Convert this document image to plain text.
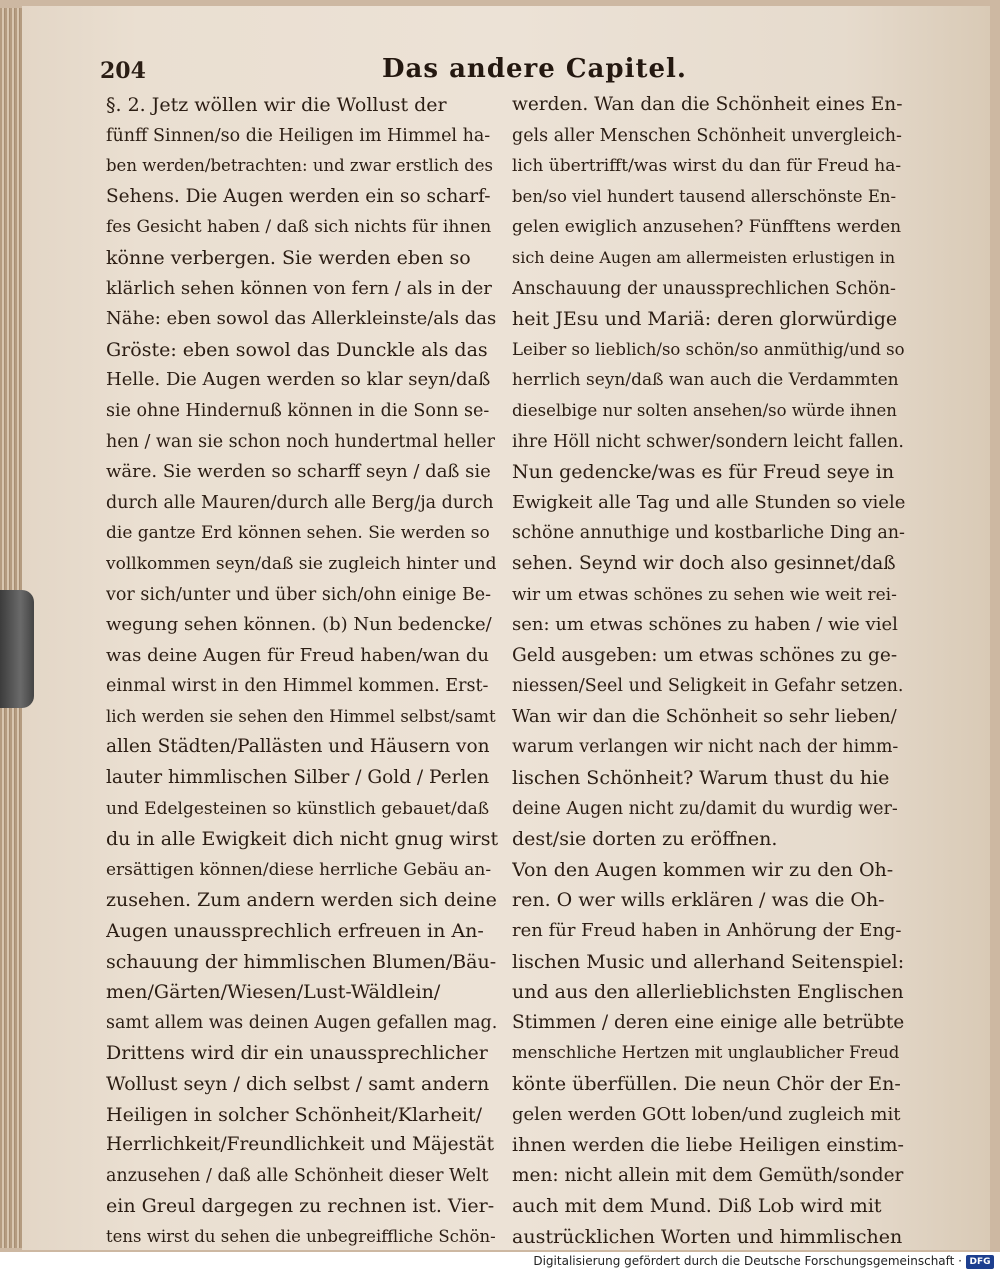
204	Das andere Capitel.
§. 2. Jetz wöllen wir die Wollust der
fünff Sinnen/so die Heiligen im Himmel ha-
ben werden/betrachten: und zwar erstlich des
Sehens. Die Augen werden ein so scharf-
fes Gesicht haben / daß sich nichts für ihnen
könne verbergen. Sie werden eben so
klärlich sehen können von fern / als in der
Nähe: eben sowol das Allerkleinste/als das
Gröste: eben sowol das Dunckle als das
Helle. Die Augen werden so klar seyn/daß
sie ohne Hindernuß können in die Sonn se-
hen / wan sie schon noch hundertmal heller
wäre. Sie werden so scharff seyn / daß sie
durch alle Mauren/durch alle Berg/ja durch
die gantze Erd können sehen. Sie werden so
vollkommen seyn/daß sie zugleich hinter und
vor sich/unter und über sich/ohn einige Be-
wegung sehen können. (b) Nun bedencke/
was deine Augen für Freud haben/wan du
einmal wirst in den Himmel kommen. Erst-
lich werden sie sehen den Himmel selbst/samt
allen Städten/Pallästen und Häusern von
lauter himmlischen Silber / Gold / Perlen
und Edelgesteinen so künstlich gebauet/daß
du in alle Ewigkeit dich nicht gnug wirst
ersättigen können/diese herrliche Gebäu an-
zusehen. Zum andern werden sich deine
Augen unaussprechlich erfreuen in An-
schauung der himmlischen Blumen/Bäu-
men/Gärten/Wiesen/Lust-Wäldlein/
samt allem was deinen Augen gefallen mag.
Drittens wird dir ein unaussprechlicher
Wollust seyn / dich selbst / samt andern
Heiligen in solcher Schönheit/Klarheit/
Herrlichkeit/Freundlichkeit und Mäjestät
anzusehen / daß alle Schönheit dieser Welt
ein Greul dargegen zu rechnen ist. Vier-
tens wirst du sehen die unbegreiffliche Schön-
werden. Wan dan die Schönheit eines En-
gels aller Menschen Schönheit unvergleich-
lich übertrifft/was wirst du dan für Freud ha-
ben/so viel hundert tausend allerschönste En-
gelen ewiglich anzusehen? Fünfftens werden
sich deine Augen am allermeisten erlustigen in
Anschauung der unaussprechlichen Schön-
heit JEsu und Mariä: deren glorwürdige
Leiber so lieblich/so schön/so anmüthig/und so
herrlich seyn/daß wan auch die Verdammten
dieselbige nur solten ansehen/so würde ihnen
ihre Höll nicht schwer/sondern leicht fallen.
Nun gedencke/was es für Freud seye in
Ewigkeit alle Tag und alle Stunden so viele
schöne annuthige und kostbarliche Ding an-
sehen. Seynd wir doch also gesinnet/daß
wir um etwas schönes zu sehen wie weit rei-
sen: um etwas schönes zu haben / wie viel
Geld ausgeben: um etwas schönes zu ge-
niessen/Seel und Seligkeit in Gefahr setzen.
Wan wir dan die Schönheit so sehr lieben/
warum verlangen wir nicht nach der himm-
lischen Schönheit? Warum thust du hie
deine Augen nicht zu/damit du wurdig wer-
dest/sie dorten zu eröffnen.
Von den Augen kommen wir zu den Oh-
ren. O wer wills erklären / was die Oh-
ren für Freud haben in Anhörung der Eng-
lischen Music und allerhand Seitenspiel:
und aus den allerlieblichsten Englischen
Stimmen / deren eine einige alle betrübte
menschliche Hertzen mit unglaublicher Freud
könte überfüllen. Die neun Chör der En-
gelen werden GOtt loben/und zugleich mit
ihnen werden die liebe Heiligen einstim-
men: nicht allein mit dem Gemüth/sonder
auch mit dem Mund. Diß Lob wird mit
austrücklichen Worten und himmlischen
Digitalisierung gefördert durch die Deutsche Forschungsgemeinschaft · DFG
